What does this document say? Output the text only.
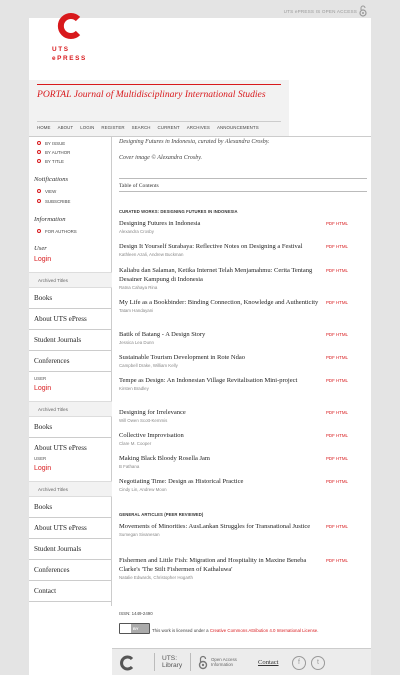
UTS ePRESS IS OPEN ACCESS
UTS
ePRESS
PORTAL Journal of Multidisciplinary International Studies
HOME ABOUT LOGIN REGISTER SEARCH CURRENT ARCHIVES ANNOUNCEMENTS
BY ISSUE
BY AUTHOR
BY TITLE
Notifications
VIEW
SUBSCRIBE
Information
FOR AUTHORS
User
Login
Archived Titles
Books
About UTS ePress
Student Journals
Conferences
USER
Login
Archived Titles
Books
About UTS ePress
USER
Login
Archived Titles
Books
About UTS ePress
Student Journals
Conferences
Contact
Designing Futures in Indonesia, curated by Alexandra Crosby.
Cover image © Alexandra Crosby.
Table of Contents
CURATED WORKS: DESIGNING FUTURES IN INDONESIA
Designing Futures in Indonesia
Alexandra Crosby
PDF HTML
Design It Yourself Surabaya: Reflective Notes on Designing a Festival
Kathleen Azali, Andrew Buckman
PDF HTML
Kaliabu dan Salaman, Ketika Internet Telah Menjamahmu: Cerita Tentang Desainer Kampung di Indonesia
Ratna Cahaya Rina
PDF HTML
My Life as a Bookbinder: Binding Connection, Knowledge and Authenticity
Tatam Handayani
PDF HTML
Batik of Batang - A Design Story
Jessica Lea Dunn
PDF HTML
Sustainable Tourism Development in Rote Ndao
Campbell Drake, William Kelly
PDF HTML
Tempe as Design: An Indonesian Village Revitalisation Mini-project
Kirsten Bradley
PDF HTML
Designing for Irrelevance
Will Owen Scott-Kemmis
PDF HTML
Collective Improvisation
Clare M. Cooper
PDF HTML
Making Black Bloody Rosella Jam
B Fathana
PDF HTML
Negotiating Time: Design as Historical Practice
Cindy Lin, Andrew Moon
PDF HTML
GENERAL ARTICLES (PEER REVIEWED)
Movements of Minorities: AusLankan Struggles for Transnational Justice
Sumegan Sivanesan
PDF HTML
Fishermen and Little Fish: Migration and Hospitality in Maxine Beneba Clarke's 'The Stilt Fishermen of Kathaluwa'
Natalie Edwards, Christopher Hogarth
PDF HTML
ISSN: 1449-2490
BY	This work is licensed under a Creative Commons Attribution 4.0 International License.
UTS:
Library
Open Access
Information	Contact	f	t
